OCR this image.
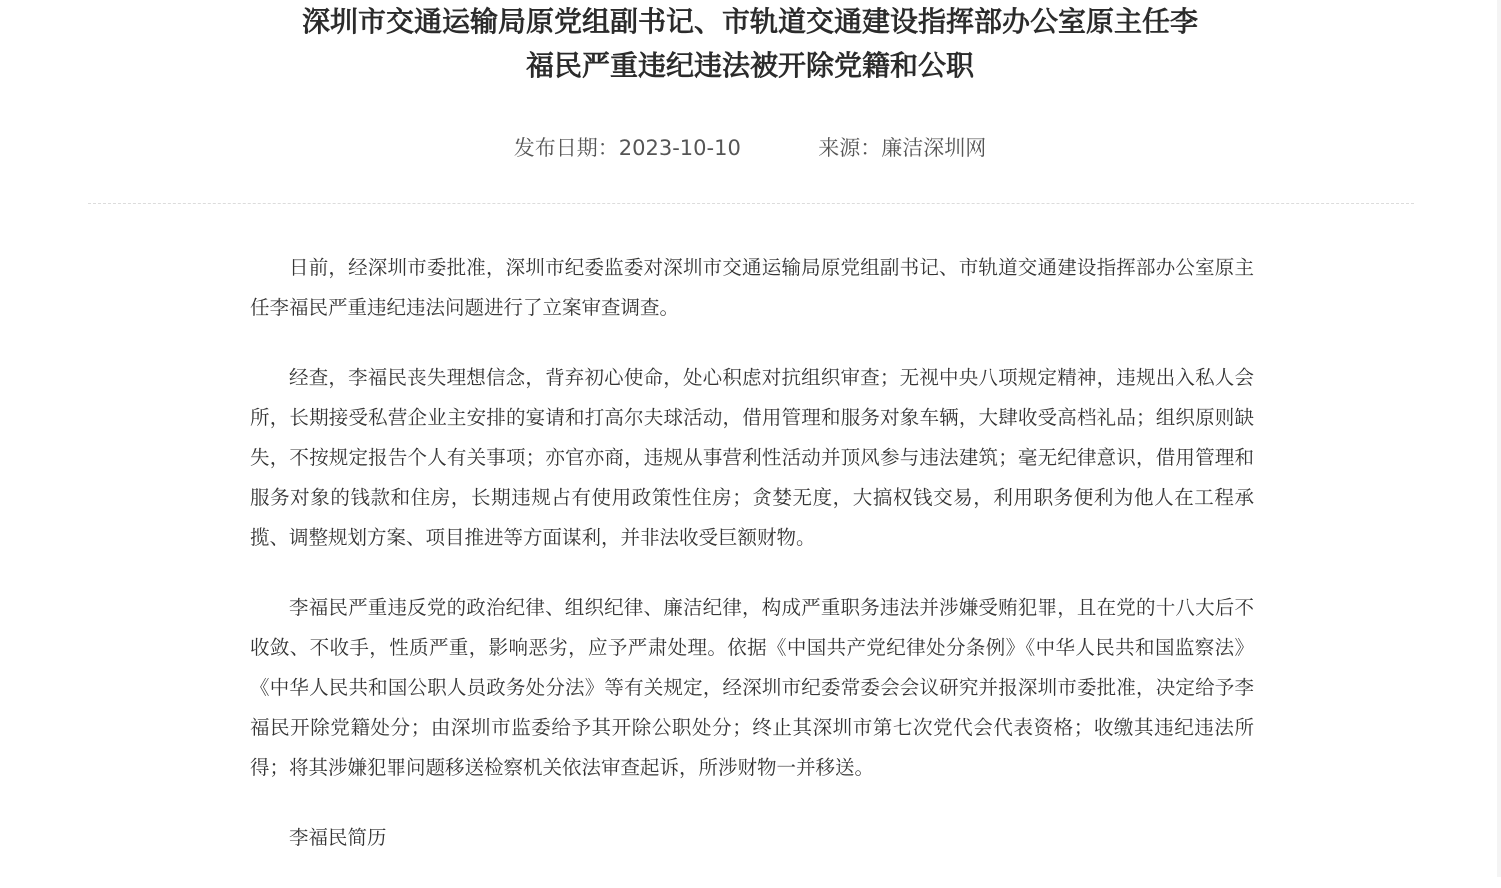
深圳市交通运输局原党组副书记、市轨道交通建设指挥部办公室原主任李
福民严重违纪违法被开除党籍和公职
发布日期：2023-10-10	来源：廉洁深圳网

日前，经深圳市委批准，深圳市纪委监委对深圳市交通运输局原党组副书记、市轨道交通建设指挥部办公室原主任李福民严重违纪违法问题进行了立案审查调查。

经查，李福民丧失理想信念，背弃初心使命，处心积虑对抗组织审查；无视中央八项规定精神，违规出入私人会所，长期接受私营企业主安排的宴请和打高尔夫球活动，借用管理和服务对象车辆，大肆收受高档礼品；组织原则缺失，不按规定报告个人有关事项；亦官亦商，违规从事营利性活动并顶风参与违法建筑；毫无纪律意识，借用管理和服务对象的钱款和住房，长期违规占有使用政策性住房；贪婪无度，大搞权钱交易，利用职务便利为他人在工程承揽、调整规划方案、项目推进等方面谋利，并非法收受巨额财物。

李福民严重违反党的政治纪律、组织纪律、廉洁纪律，构成严重职务违法并涉嫌受贿犯罪，且在党的十八大后不收敛、不收手，性质严重，影响恶劣，应予严肃处理。依据《中国共产党纪律处分条例》《中华人民共和国监察法》《中华人民共和国公职人员政务处分法》等有关规定，经深圳市纪委常委会会议研究并报深圳市委批准，决定给予李福民开除党籍处分；由深圳市监委给予其开除公职处分；终止其深圳市第七次党代会代表资格；收缴其违纪违法所得；将其涉嫌犯罪问题移送检察机关依法审查起诉，所涉财物一并移送。

李福民简历
